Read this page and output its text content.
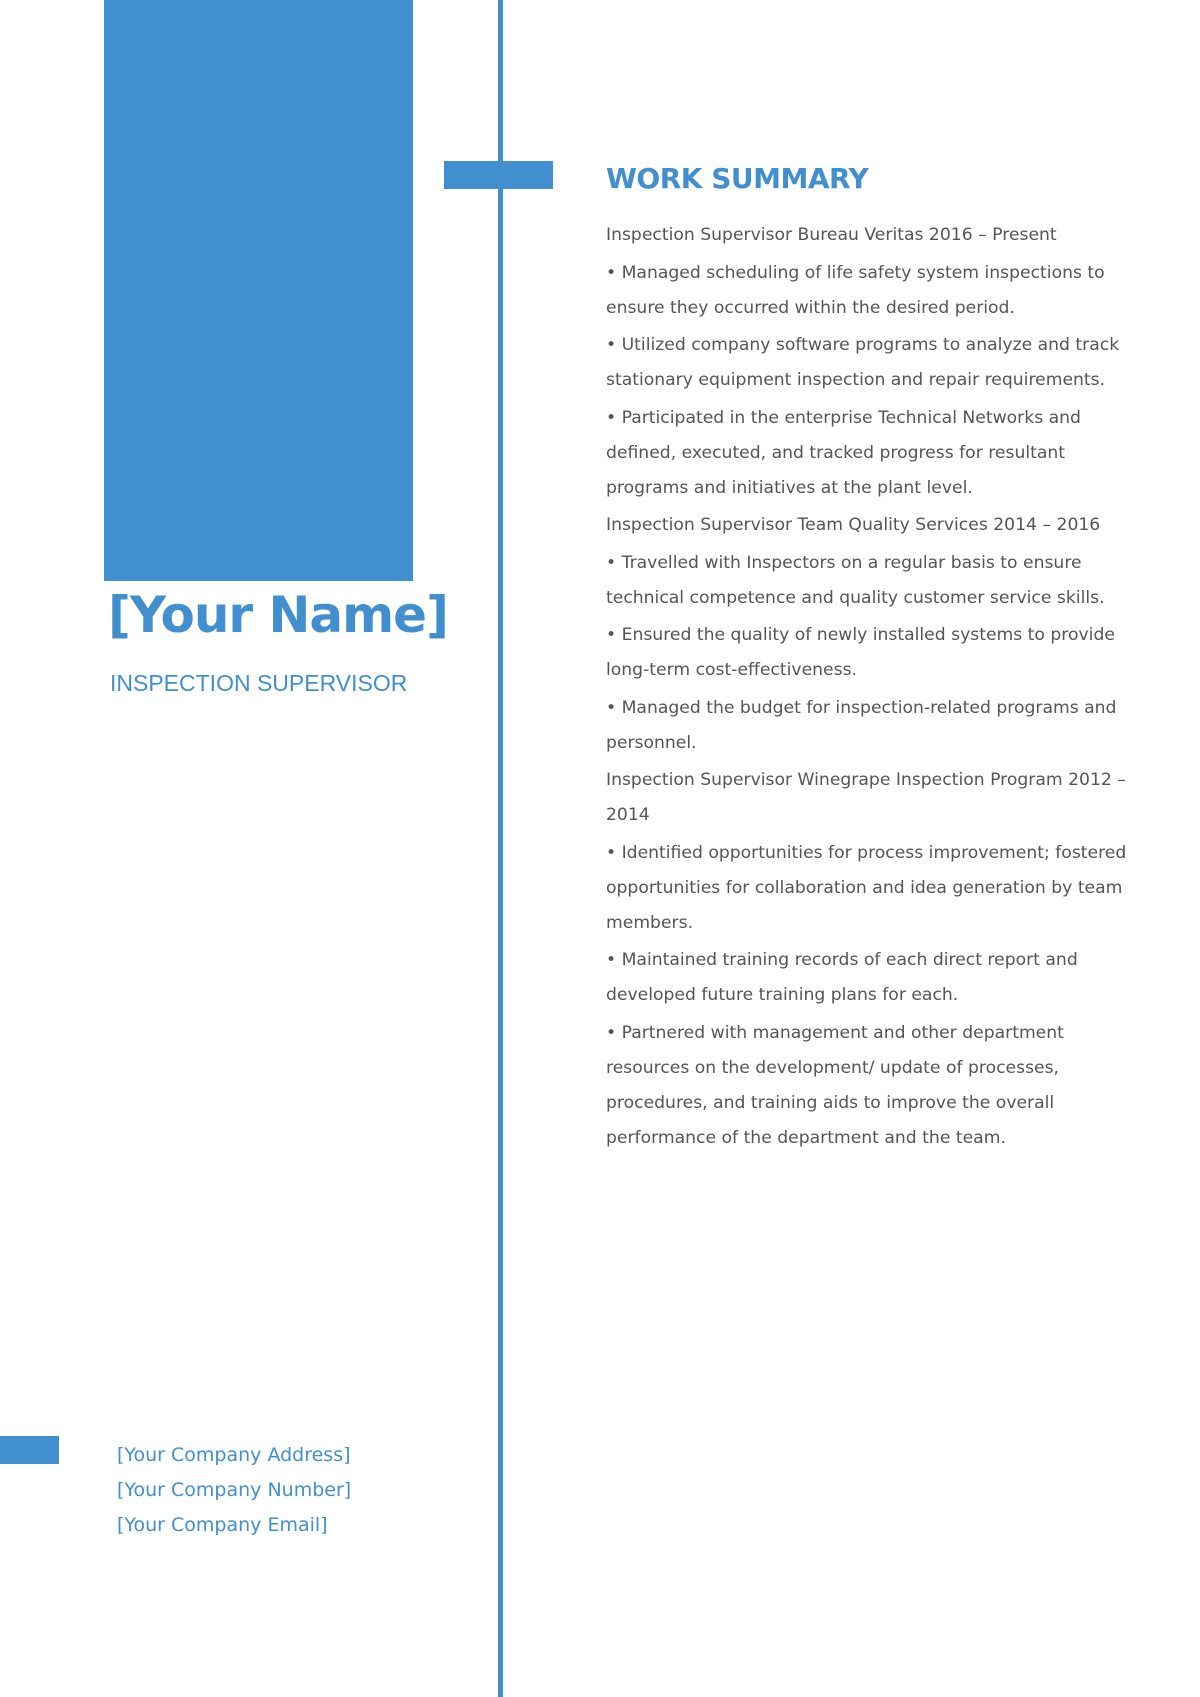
[Your Name]
INSPECTION SUPERVISOR
[Your Company Address]
[Your Company Number]
[Your Company Email]
WORK SUMMARY

Inspection Supervisor Bureau Veritas 2016 – Present

• Managed scheduling of life safety system inspections to ensure they occurred within the desired period.

• Utilized company software programs to analyze and track stationary equipment inspection and repair requirements.

• Participated in the enterprise Technical Networks and defined, executed, and tracked progress for resultant programs and initiatives at the plant level.

Inspection Supervisor Team Quality Services 2014 – 2016

• Travelled with Inspectors on a regular basis to ensure technical competence and quality customer service skills.

• Ensured the quality of newly installed systems to provide long-term cost-effectiveness.

• Managed the budget for inspection-related programs and personnel.

Inspection Supervisor Winegrape Inspection Program 2012 – 2014

• Identified opportunities for process improvement; fostered opportunities for collaboration and idea generation by team members.

• Maintained training records of each direct report and developed future training plans for each.

• Partnered with management and other department resources on the development/ update of processes, procedures, and training aids to improve the overall performance of the department and the team.
